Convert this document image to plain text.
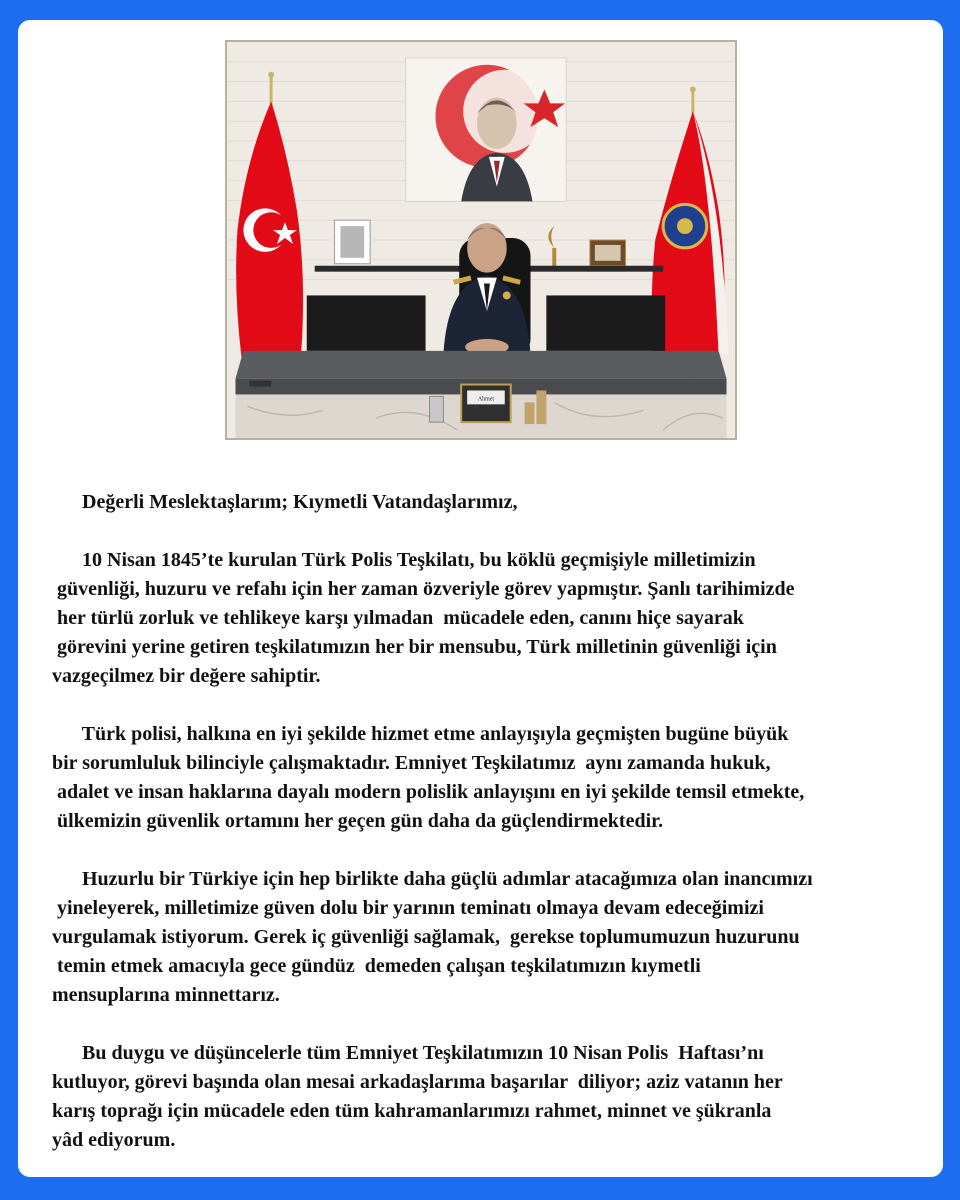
Ahmet

Değerli Meslektaşlarım; Kıymetli Vatandaşlarımız,

10 Nisan 1845’te kurulan Türk Polis Teşkilatı, bu köklü geçmişiyle milletimizin

güvenliği, huzuru ve refahı için her zaman özveriyle görev yapmıştır. Şanlı tarihimizde

her türlü zorluk ve tehlikeye karşı yılmadan  mücadele eden, canını hiçe sayarak

görevini yerine getiren teşkilatımızın her bir mensubu, Türk milletinin güvenliği için

vazgeçilmez bir değere sahiptir.

Türk polisi, halkına en iyi şekilde hizmet etme anlayışıyla geçmişten bugüne büyük

bir sorumluluk bilinciyle çalışmaktadır. Emniyet Teşkilatımız  aynı zamanda hukuk,

adalet ve insan haklarına dayalı modern polislik anlayışını en iyi şekilde temsil etmekte,

ülkemizin güvenlik ortamını her geçen gün daha da güçlendirmektedir.

Huzurlu bir Türkiye için hep birlikte daha güçlü adımlar atacağımıza olan inancımızı

yineleyerek, milletimize güven dolu bir yarının teminatı olmaya devam edeceğimizi

vurgulamak istiyorum. Gerek iç güvenliği sağlamak,  gerekse toplumumuzun huzurunu

temin etmek amacıyla gece gündüz  demeden çalışan teşkilatımızın kıymetli

mensuplarına minnettarız.

Bu duygu ve düşüncelerle tüm Emniyet Teşkilatımızın 10 Nisan Polis  Haftası’nı

kutluyor, görevi başında olan mesai arkadaşlarıma başarılar  diliyor; aziz vatanın her

karış toprağı için mücadele eden tüm kahramanlarımızı rahmet, minnet ve şükranla

yâd ediyorum.
